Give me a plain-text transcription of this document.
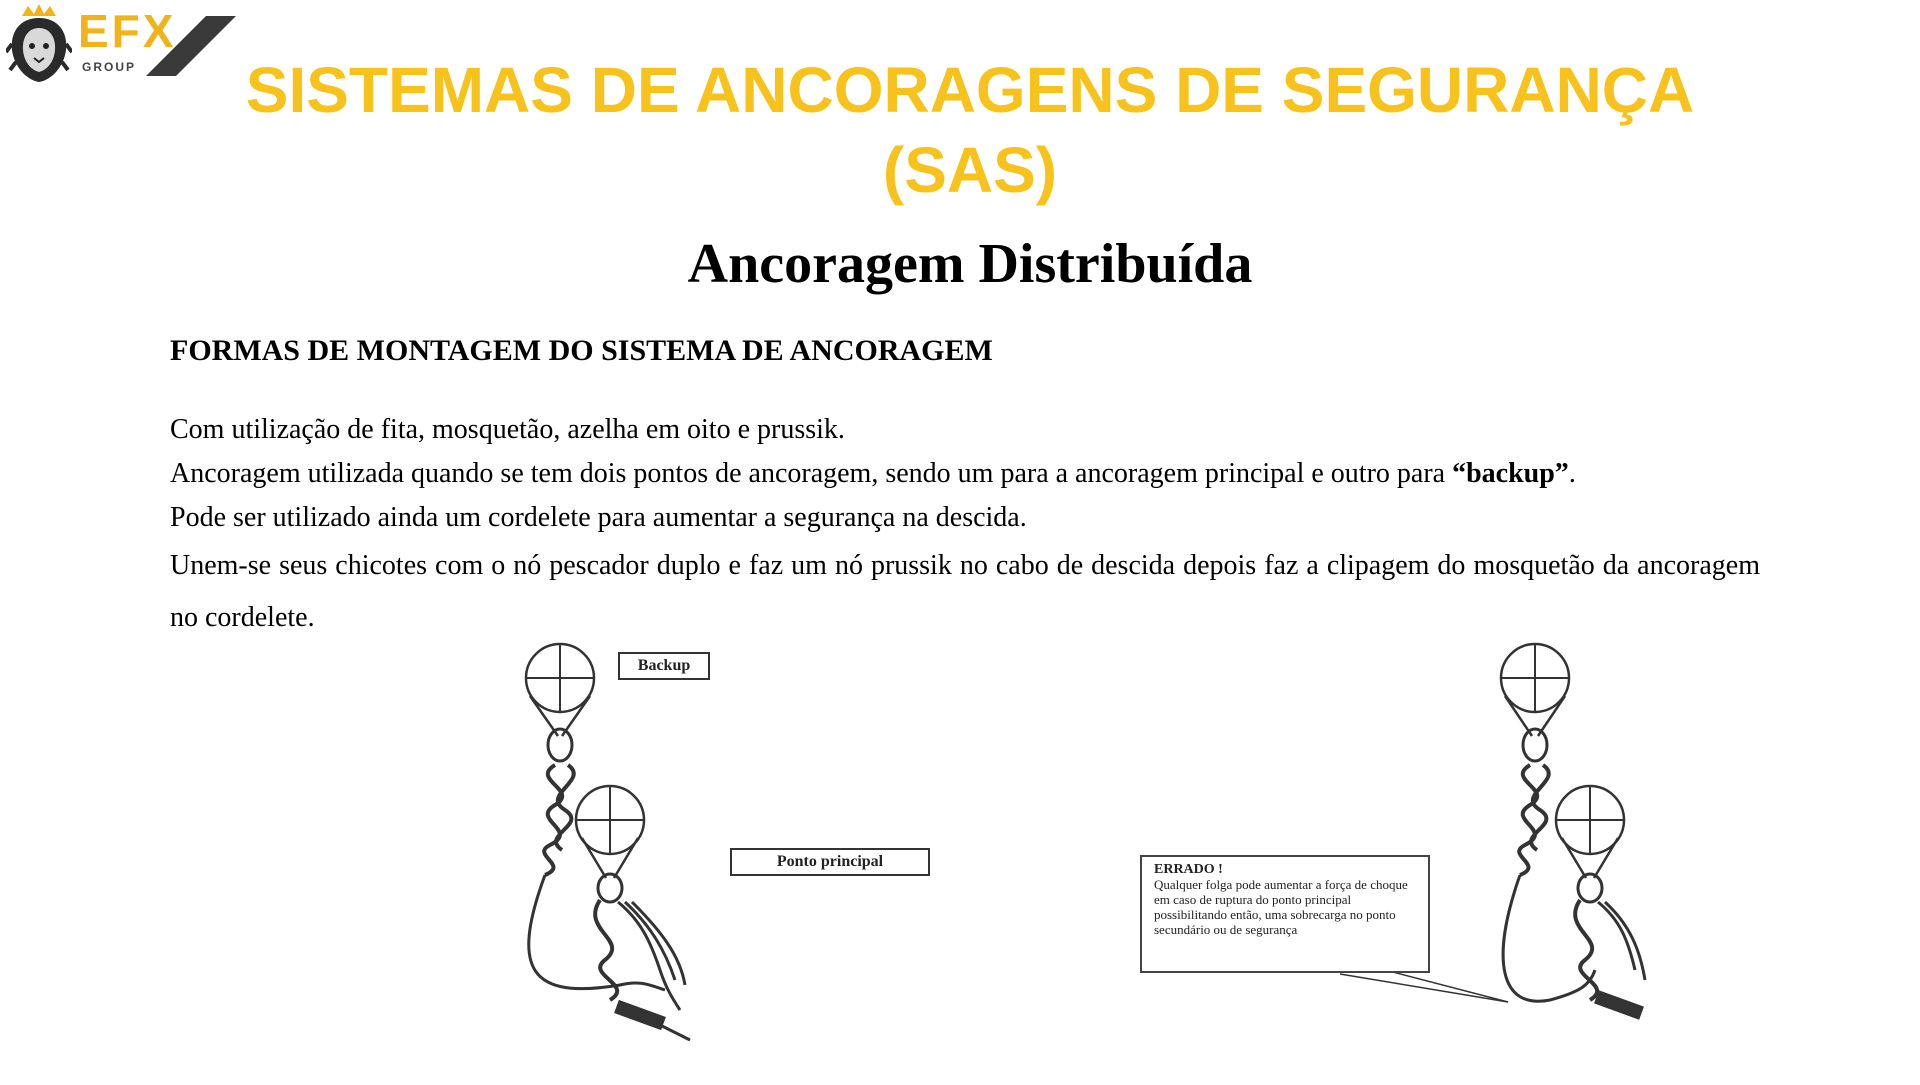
EFX
GROUP	SISTEMAS DE ANCORAGENS DE SEGURANÇA (SAS)
Ancoragem Distribuída
FORMAS DE MONTAGEM DO SISTEMA DE ANCORAGEM

Com utilização de fita, mosquetão, azelha em oito e prussik.

Ancoragem utilizada quando se tem dois pontos de ancoragem, sendo um para a ancoragem principal e outro para “backup”.

Pode ser utilizado ainda um cordelete para aumentar a segurança na descida.

Unem-se seus chicotes com o nó pescador duplo e faz um nó prussik no cabo de descida depois faz a clipagem do mosquetão da ancoragem no cordelete.

Backup
Ponto principal	ERRADO !
Qualquer folga pode aumentar a força de choque em caso de ruptura do ponto principal possibilitando então, uma sobrecarga no ponto secundário ou de segurança
